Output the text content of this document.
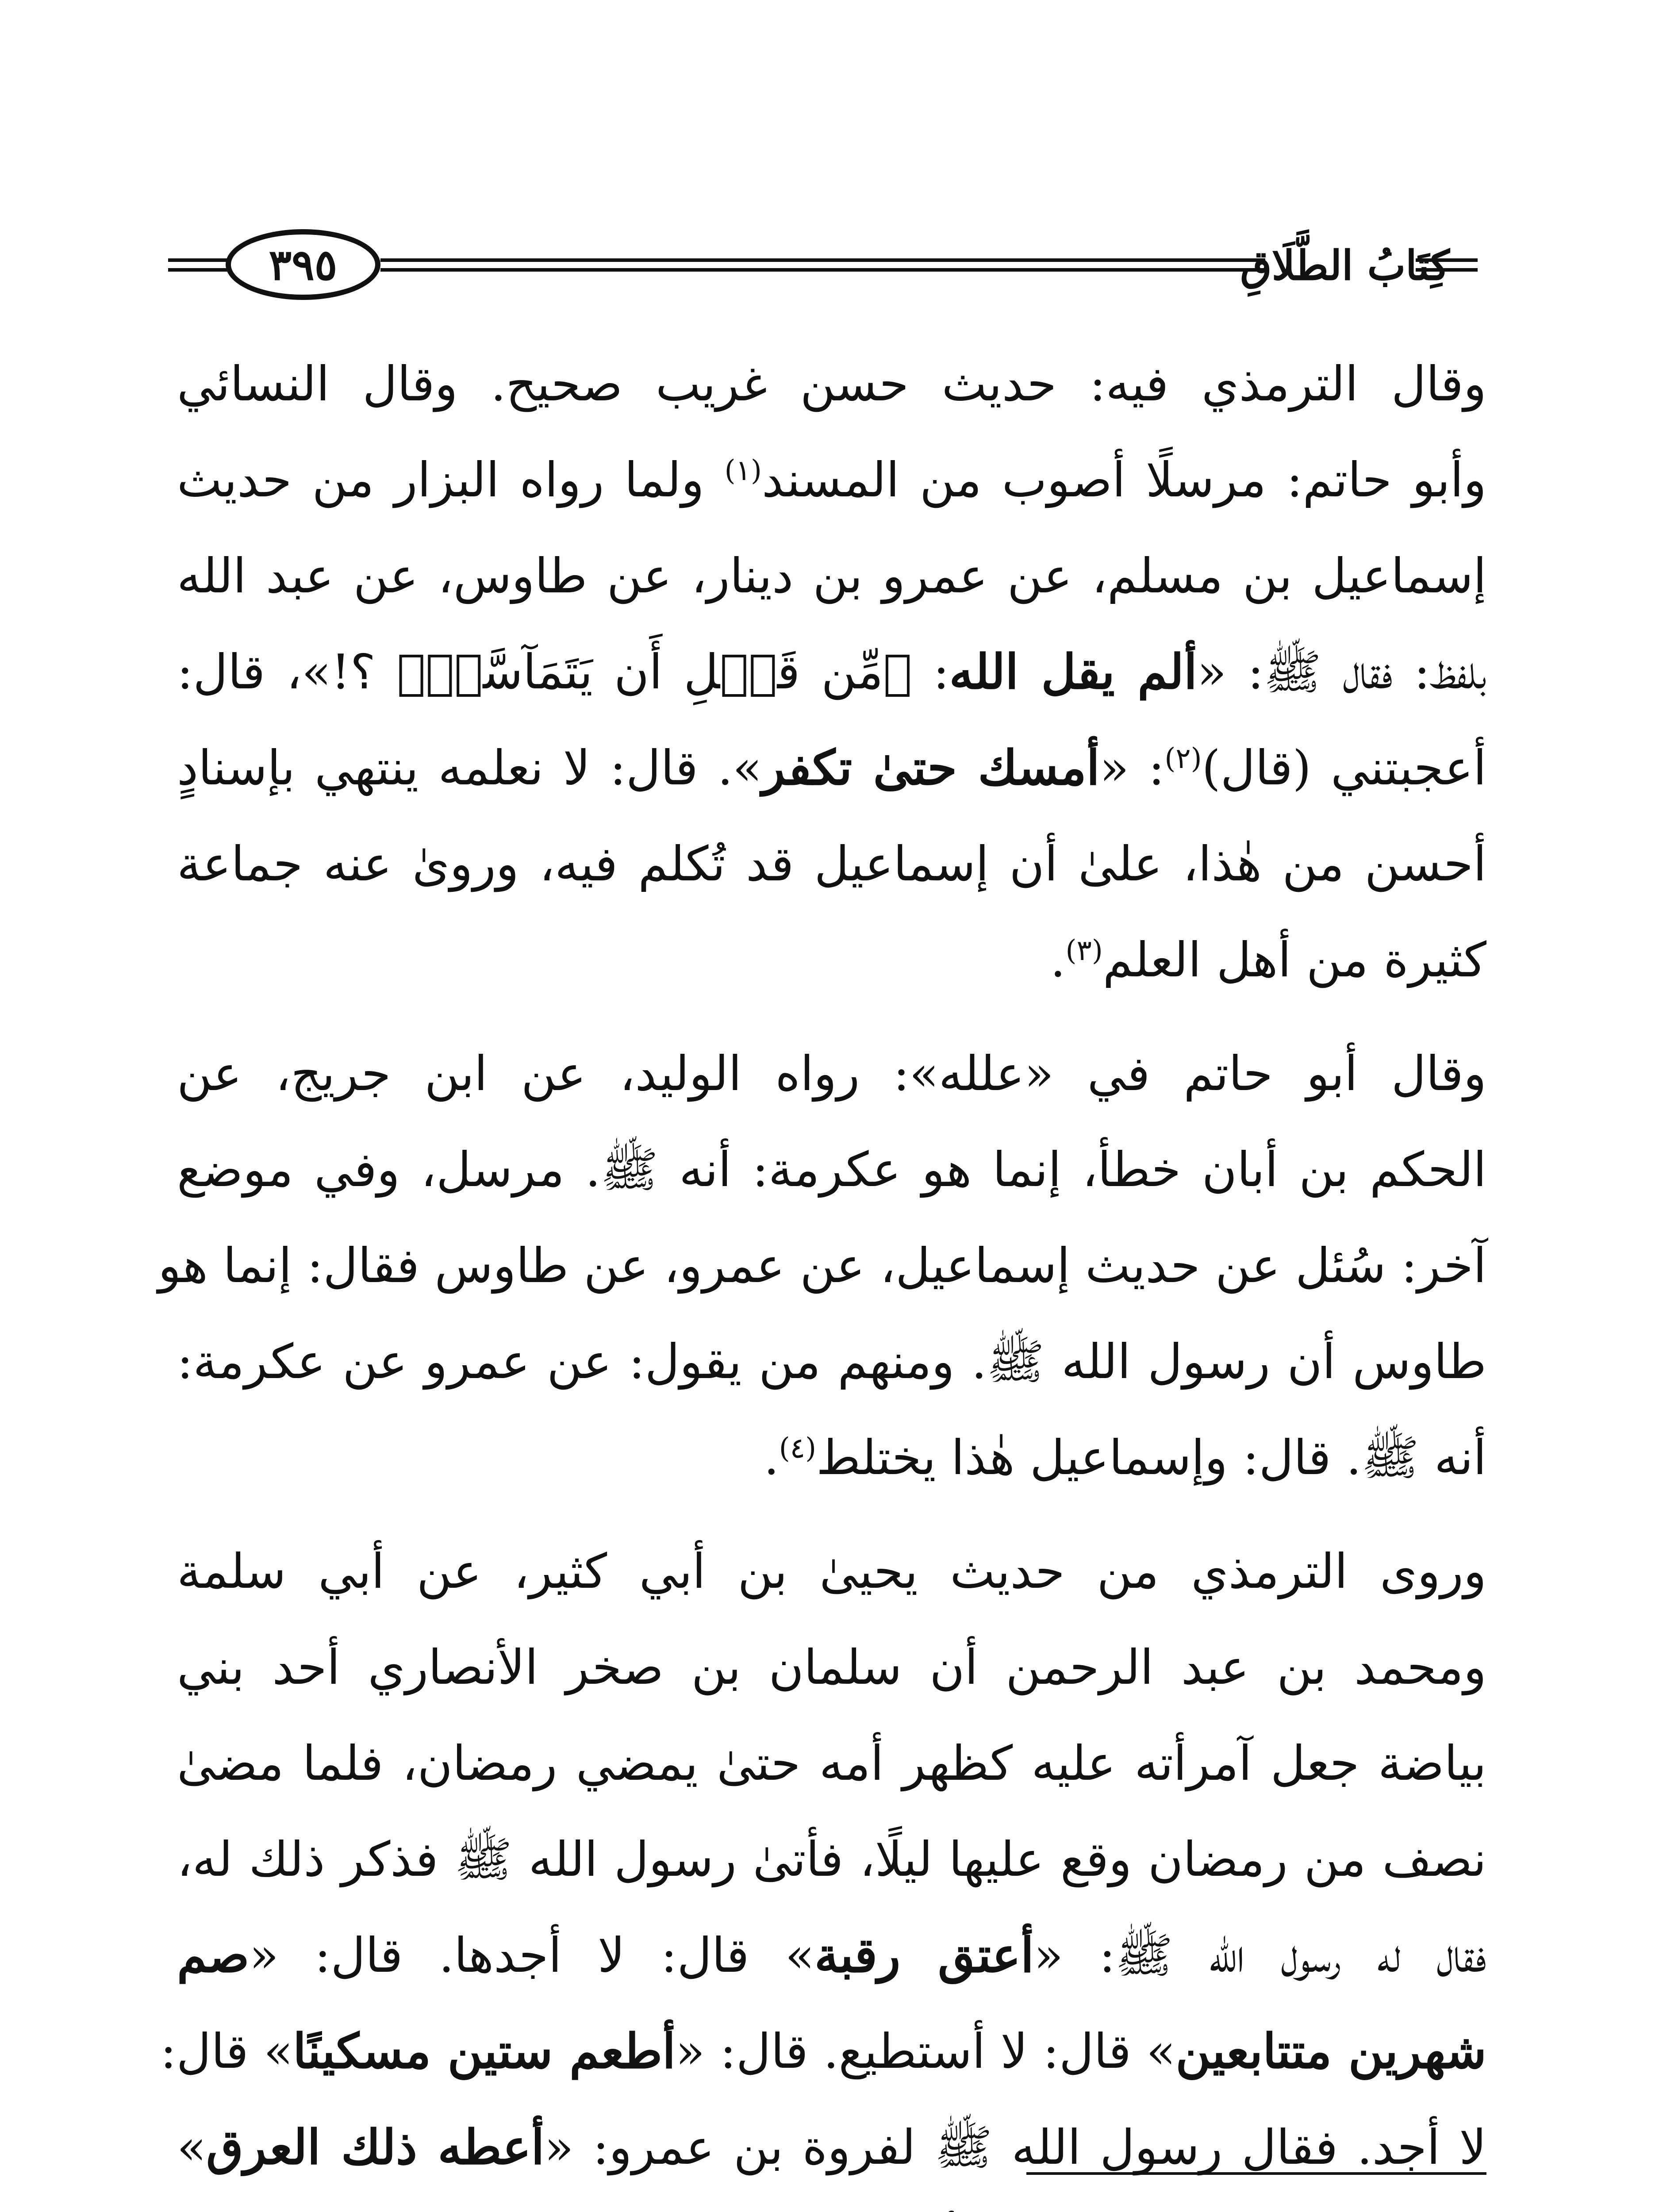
٣٩٥	كِتَابُ الطَّلَاقِ

وقال الترمذي فيه: حديث حسن غريب صحيح. وقال النسائي
وأبو حاتم: مرسلًا أصوب من المسند$^{(١)}$ ولما رواه البزار من حديث
إسماعيل بن مسلم، عن عمرو بن دينار، عن طاوس، عن عبد الله
بلفظ: فقال ﷺ: «ألم يقل الله: ﴿مِّن قَبۡلِ أَن يَتَمَآسَّاۚ﴾ ؟!»، قال:
أعجبتني (قال)$^{(٢)}$: «أمسك حتىٰ تكفر». قال: لا نعلمه ينتهي بإسنادٍ
أحسن من هٰذا، علىٰ أن إسماعيل قد تُكلم فيه، وروىٰ عنه جماعة
كثيرة من أهل العلم$^{(٣)}$.

وقال أبو حاتم في «علله»: رواه الوليد، عن ابن جريج، عن
الحكم بن أبان خطأ، إنما هو عكرمة: أنه ﷺ. مرسل، وفي موضع
آخر: سُئل عن حديث إسماعيل، عن عمرو، عن طاوس فقال: إنما هو
طاوس أن رسول الله ﷺ. ومنهم من يقول: عن عمرو عن عكرمة:
أنه ﷺ. قال: وإسماعيل هٰذا يختلط$^{(٤)}$.

وروى الترمذي من حديث يحيىٰ بن أبي كثير، عن أبي سلمة
ومحمد بن عبد الرحمن أن سلمان بن صخر الأنصاري أحد بني
بياضة جعل آمرأته عليه كظهر أمه حتىٰ يمضي رمضان، فلما مضىٰ
نصف من رمضان وقع عليها ليلًا، فأتىٰ رسول الله ﷺ فذكر ذلك له،
فقال له رسول الله ﷺ: «أعتق رقبة» قال: لا أجدها. قال: «صم
شهرين متتابعين» قال: لا أستطيع. قال: «أطعم ستين مسكينًا» قال:
لا أجد. فقال رسول الله ﷺ لفروة بن عمرو: «أعطه ذلك العرق»
